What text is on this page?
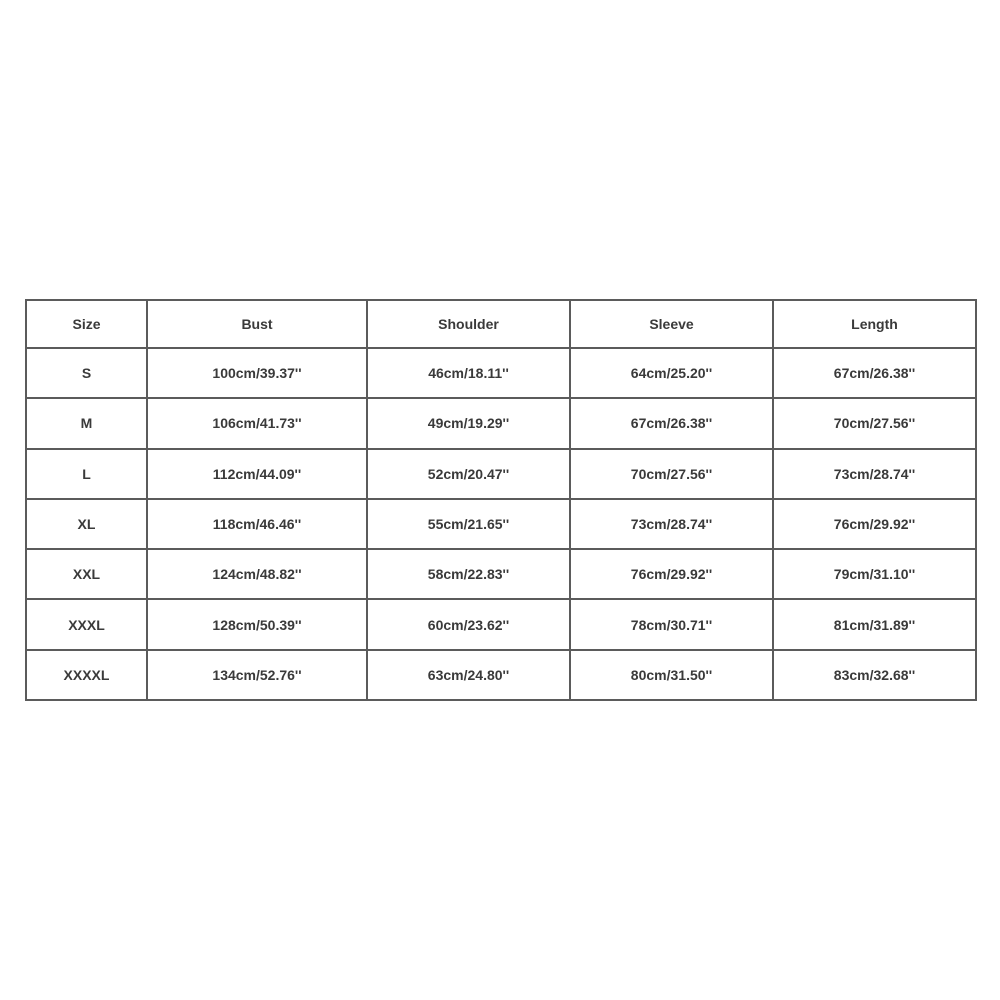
Size	Bust	Shoulder	Sleeve	Length
S	100cm/39.37''	46cm/18.11''	64cm/25.20''	67cm/26.38''
M	106cm/41.73''	49cm/19.29''	67cm/26.38''	70cm/27.56''
L	112cm/44.09''	52cm/20.47''	70cm/27.56''	73cm/28.74''
XL	118cm/46.46''	55cm/21.65''	73cm/28.74''	76cm/29.92''
XXL	124cm/48.82''	58cm/22.83''	76cm/29.92''	79cm/31.10''
XXXL	128cm/50.39''	60cm/23.62''	78cm/30.71''	81cm/31.89''
XXXXL	134cm/52.76''	63cm/24.80''	80cm/31.50''	83cm/32.68''
